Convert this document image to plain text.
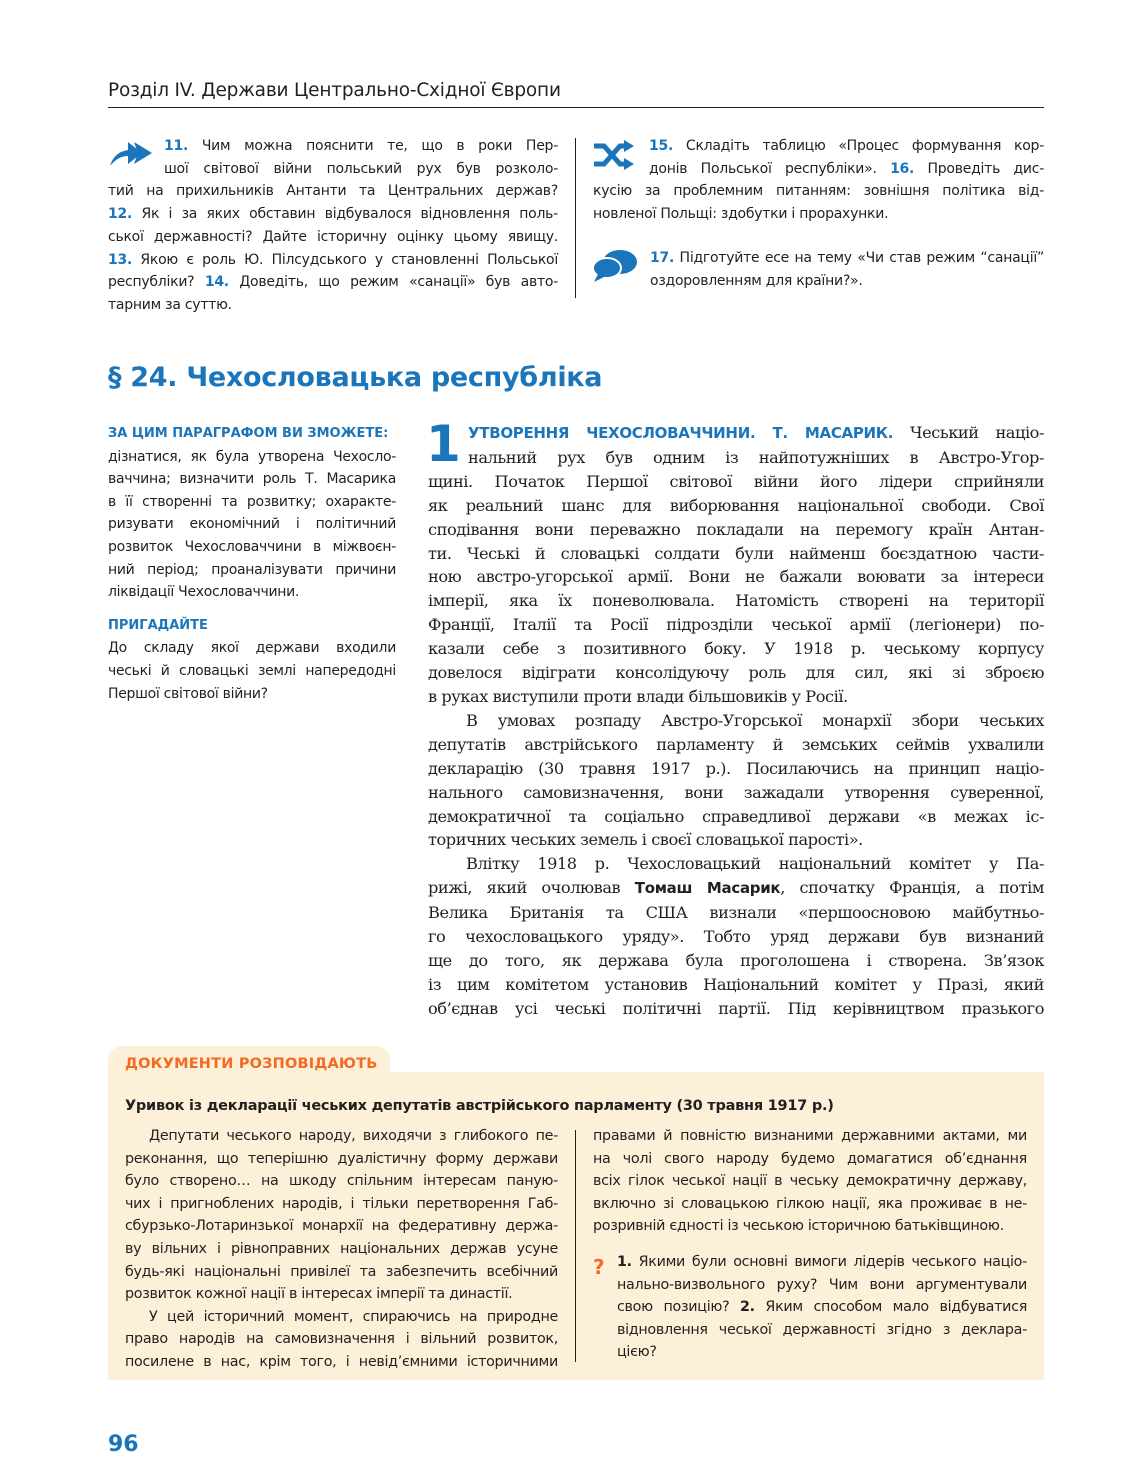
Розділ IV. Держави Центрально-Східної Європи
11. Чим можна пояснити те, що в роки Пер-
шої світової війни польський рух був розколо-
тий на прихильників Антанти та Центральних держав?
12. Як і за яких обставин відбувалося відновлення поль-
ської державності? Дайте історичну оцінку цьому явищу.
13. Якою є роль Ю. Пілсудського у становленні Польської
республіки? 14. Доведіть, що режим «санації» був авто-
тарним за суттю.
15. Складіть таблицю «Процес формування кор-
донів Польської республіки». 16. Проведіть дис-
кусію за проблемним питанням: зовнішня політика від-
новленої Польщі: здобутки і прорахунки.
17. Підготуйте есе на тему «Чи став режим “санації”
оздоровленням для країни?».
§ 24. Чехословацька республіка
ЗА ЦИМ ПАРАГРАФОМ ВИ ЗМОЖЕТЕ:
дізнатися, як була утворена Чехосло-
ваччина; визначити роль Т. Масарика
в її створенні та розвитку; охаракте-
ризувати економічний і політичний
розвиток Чехословаччини в міжвоєн-
ний період; проаналізувати причини
ліквідації Чехословаччини.
ПРИГАДАЙТЕ
До складу якої держави входили
чеські й словацькі землі напередодні
Першої світової війни?
1 УТВОРЕННЯ ЧЕХОСЛОВАЧЧИНИ. Т. МАСАРИК. Чеський націо-
нальний рух був одним із найпотужніших в Австро-Угор-
щині. Початок Першої світової війни його лідери сприйняли
як реальний шанс для виборювання національної свободи. Свої
сподівання вони переважно покладали на перемогу країн Антан-
ти. Чеські й словацькі солдати були найменш боєздатною части-
ною австро-угорської армії. Вони не бажали воювати за інтереси
імперії, яка їх поневолювала. Натомість створені на території
Франції, Італії та Росії підрозділи чеської армії (легіонери) по-
казали себе з позитивного боку. У 1918 р. чеському корпусу
довелося відіграти консолідуючу роль для сил, які зі зброєю
в руках виступили проти влади більшовиків у Росії.
В умовах розпаду Австро-Угорської монархії збори чеських
депутатів австрійського парламенту й земських сеймів ухвалили
декларацію (30 травня 1917 р.). Посилаючись на принцип націо-
нального самовизначення, вони зажадали утворення суверенної,
демократичної та соціально справедливої держави «в межах іс-
торичних чеських земель і своєї словацької парості».
Влітку 1918 р. Чехословацький національний комітет у Па-
рижі, який очолював Томаш Масарик, спочатку Франція, а потім
Велика Британія та США визнали «першоосновою майбутньо-
го чехословацького уряду». Тобто уряд держави був визнаний
ще до того, як держава була проголошена і створена. Зв’язок
із цим комітетом установив Національний комітет у Празі, який
об’єднав усі чеські політичні партії. Під керівництвом празького
ДОКУМЕНТИ РОЗПОВІДАЮТЬ
Уривок із декларації чеських депутатів австрійського парламенту (30 травня 1917 р.)
Депутати чеського народу, виходячи з глибокого пе-
реконання, що теперішню дуалістичну форму держави
було створено… на шкоду спільним інтересам паную-
чих і пригноблених народів, і тільки перетворення Габ-
сбурзько-Лотаринзької монархії на федеративну держа-
ву вільних і рівноправних національних держав усуне
будь-які національні привілеї та забезпечить всебічний
розвиток кожної нації в інтересах імперії та династії.
У цей історичний момент, спираючись на природне
право народів на самовизначення і вільний розвиток,
посилене в нас, крім того, і невід’ємними історичними
правами й повністю визнаними державними актами, ми
на чолі свого народу будемо домагатися об’єднання
всіх гілок чеської нації в чеську демократичну державу,
включно зі словацькою гілкою нації, яка проживає в не-
розривній єдності із чеською історичною батьківщиною.
? 1. Якими були основні вимоги лідерів чеського націо-
нально-визвольного руху? Чим вони аргументували
свою позицію? 2. Яким способом мало відбуватися
відновлення чеської державності згідно з деклара-
цією?
96
